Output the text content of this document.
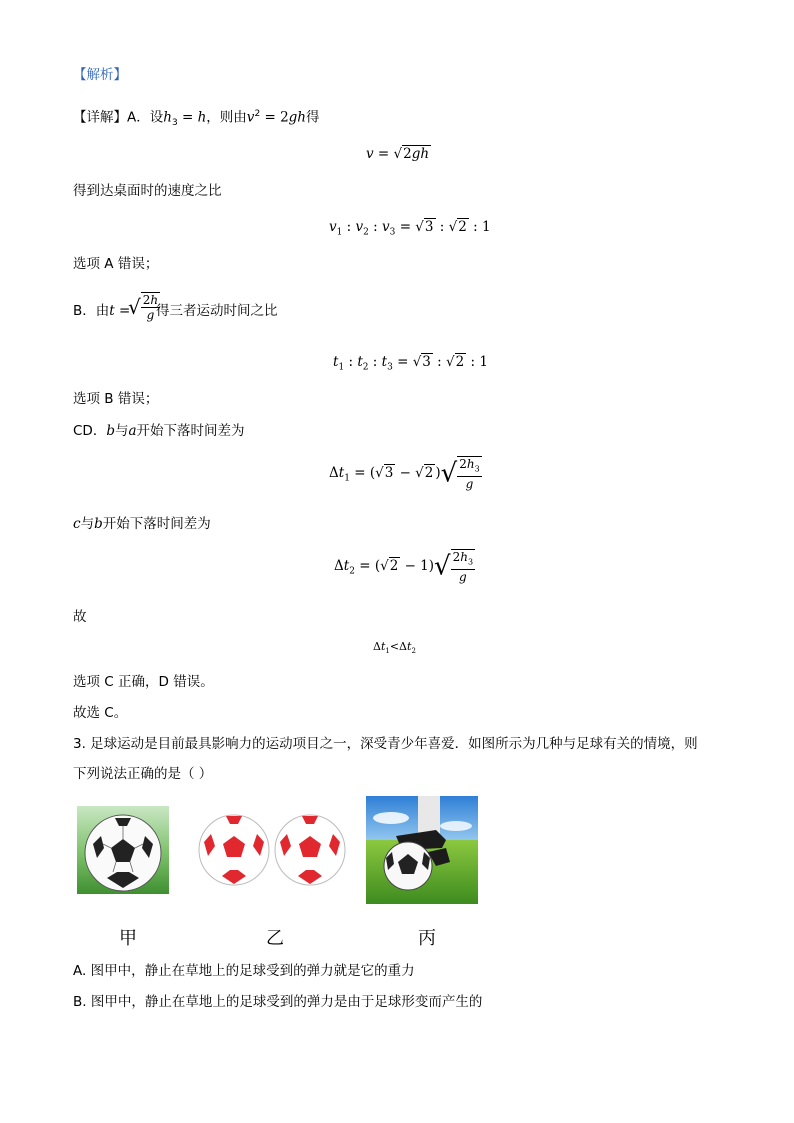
【解析】
【详解】A．设$h_3 = h$，则由$v^2 = 2gh$得
v = √2gh
得到达桌面时的速度之比
$v_1$ : $v_2$ : $v_3 = √3$ : √2 : 1
选项 A 错误；
B．由t =
√ $\frac{2h}{g}$
得三者运动时间之比
$t_1$ : $t_2$ : $t_3 = √3$ : √2 : 1
选项 B 错误；
CD．b与a开始下落时间差为
$\Delta t_1 = (√3 - √2$ )√ $\frac{2h_3}{g}$
c与b开始下落时间差为
$\Delta t_2 = (√2 - 1)√ \frac{2h_3}{g}$
故
$\Delta t_1<\Delta t_2$
选项 C 正确，D 错误。
故选 C。
3. 足球运动是目前最具影响力的运动项目之一，深受青少年喜爱．如图所示为几种与足球有关的情境，则
下列说法正确的是（ ）
甲	乙	丙
A. 图甲中，静止在草地上的足球受到的弹力就是它的重力
B. 图甲中，静止在草地上的足球受到的弹力是由于足球形变而产生的
